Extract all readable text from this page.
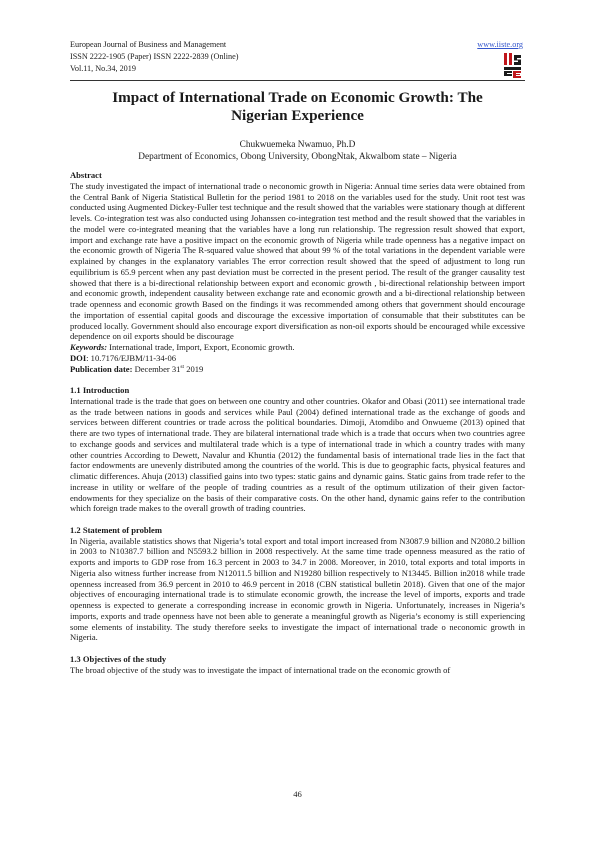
European Journal of Business and Management
ISSN 2222-1905 (Paper) ISSN 2222-2839 (Online)
Vol.11, No.34, 2019
www.iiste.org
Impact of International Trade on Economic Growth: The
Nigerian Experience
Chukwuemeka Nwamuo, Ph.D
Department of Economics, Obong University, ObongNtak, Akwalbom state – Nigeria

Abstract

The study investigated the impact of international trade o neconomic growth in Nigeria: Annual time series data were obtained from the Central Bank of Nigeria Statistical Bulletin for the period 1981 to 2018 on the variables used for the study. Unit root test was conducted using Augmented Dickey-Fuller test technique and the result showed that the variables were stationary though at different levels. Co-integration test was also conducted using Johanssen co-integration test method and the result showed that the variables in the model were co-integrated meaning that the variables have a long run relationship. The regression result showed that export, import and exchange rate have a positive impact on the economic growth of Nigeria while trade openness has a negative impact on the economic growth of Nigeria The R-squared value showed that about 99 % of the total variations in the dependent variable were explained by changes in the explanatory variables The error correction result showed that the speed of adjustment to long run equilibrium is 65.9 percent when any past deviation must be corrected in the present period. The result of the granger causality test showed that there is a bi-directional relationship between export and economic growth , bi-directional relationship between import and economic growth, independent causality between exchange rate and economic growth and a bi-directional relationship between trade openness and economic growth Based on the findings it was recommended among others that government should encourage the importation of essential capital goods and discourage the excessive importation of consumable that their substitutes can be produced locally. Government should also encourage export diversification as non-oil exports should be encouraged while excessive dependence on oil exports should be discourage

Keywords: International trade, Import, Export, Economic growth.

DOI: 10.7176/EJBM/11-34-06

Publication date: December 31st 2019

1.1 Introduction

International trade is the trade that goes on between one country and other countries. Okafor and Obasi (2011) see international trade as the trade between nations in goods and services while Paul (2004) defined international trade as the exchange of goods and services between different countries or trade across the political boundaries. Dimoji, Atomdibo and Onwueme (2013) opined that there are two types of international trade. They are bilateral international trade which is a trade that occurs when two countries agree to exchange goods and services and multilateral trade which is a type of international trade in which a country trades with many other countries According to Dewett, Navalur and Khuntia (2012) the fundamental basis of international trade lies in the fact that factor endowments are unevenly distributed among the countries of the world. This is due to geographic facts, physical features and climatic differences. Ahuja (2013) classified gains into two types: static gains and dynamic gains. Static gains from trade refer to the increase in utility or welfare of the people of trading countries as a result of the optimum utilization of their given factor- endowments for they specialize on the basis of their comparative costs. On the other hand, dynamic gains refer to the contribution which foreign trade makes to the overall growth of trading countries.

1.2 Statement of problem

In Nigeria, available statistics shows that Nigeria’s total export and total import increased from N3087.9 billion and N2080.2 billion in 2003 to N10387.7 billion and N5593.2 billion in 2008 respectively. At the same time trade openness measured as the ratio of exports and imports to GDP rose from 16.3 percent in 2003 to 34.7 in 2008. Moreover, in 2010, total exports and total imports in Nigeria also witness further increase from N12011.5 billion and N19280 billion respectively to N13445. Billion in2018 while trade openness increased from 36.9 percent in 2010 to 46.9 percent in 2018 (CBN statistical bulletin 2018). Given that one of the major objectives of encouraging international trade is to stimulate economic growth, the increase the level of imports, exports and trade openness is expected to generate a corresponding increase in economic growth in Nigeria. Unfortunately, increases in Nigeria’s imports, exports and trade openness have not been able to generate a meaningful growth as Nigeria’s economy is still experiencing some elements of instability. The study therefore seeks to investigate the impact of international trade o neconomic growth in Nigeria.

1.3 Objectives of the study

The broad objective of the study was to investigate the impact of international trade on the economic growth of

46
